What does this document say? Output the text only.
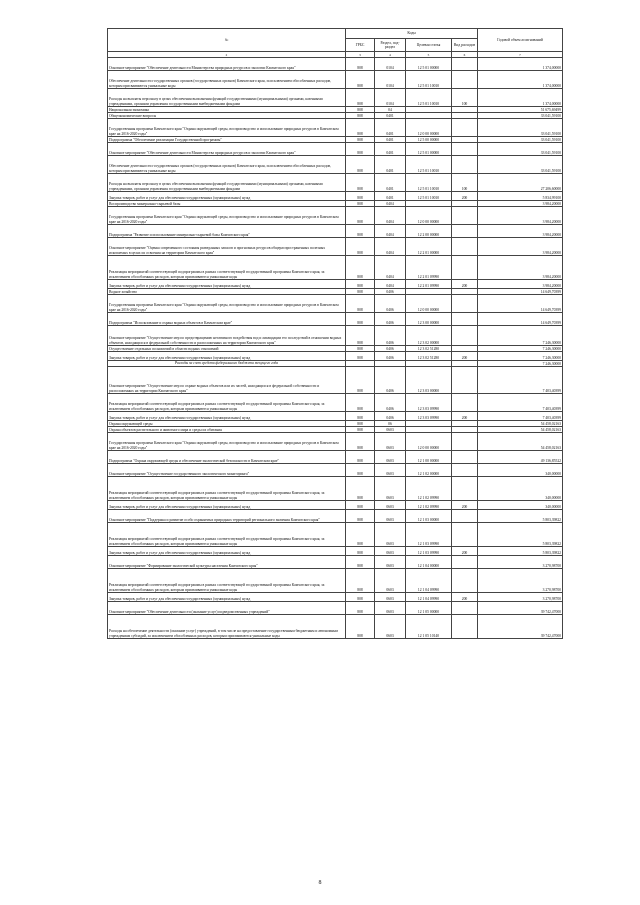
№	Коды				Годовой объем ассигнований
	ГРБС	Раздел, под-раздел	Целевая статья	Вид расходов	
2	3	4	5	6	7
Основное мероприятие "Обеспечение деятельности Министерства природных ресурсов и экологии Камчатского края"	808	0104	12 5 01 00000		1 374,00000
Обеспечение деятельности государственных органов (государственных органов) Камчатского края, за исключением обособленных расходов, которым присваиваются уникальные коды	808	0104	12 5 01 10010		1 374,00000
Расходы на выплаты персоналу в целях обеспечения выполнения функций государственными (муниципальными) органами, казенными учреждениями, органами управления государственными внебюджетными фондами	808	0104	12 5 01 10010	100	1 374,00000
Национальная экономика	808	04			51 675,69499
Общеэкономические вопросы	808	0401			33 041,59100
Государственная программа Камчатского края "Охрана окружающей среды, воспроизводство и использование природных ресурсов в Камчатском крае на 2016-2020 годы"	808	0401	12 0 00 00000		33 041,59100
Подпрограмма "Обеспечение реализации Государственной программы"	808	0401	12 5 00 00000		33 041,59100
Основное мероприятие "Обеспечение деятельности Министерства природных ресурсов и экологии Камчатского края"	808	0401	12 5 01 00000		33 041,59100
Обеспечение деятельности государственных органов (государственных органов) Камчатского края, за исключением обособленных расходов, которым присваиваются уникальные коды	808	0401	12 5 01 10010		33 041,59100
Расходы на выплаты персоналу в целях обеспечения выполнения функций государственными (муниципальными) органами, казенными учреждениями, органами управления государственными внебюджетными фондами	808	0401	12 5 01 10010	100	27 206,60000
Закупка товаров, работ и услуг для обеспечения государственных (муниципальных) нужд	808	0401	12 5 01 10010	200	5 834,99100
Воспроизводство минерально-сырьевой базы	808	0404			3 984,20000
Государственная программа Камчатского края "Охрана окружающей среды, воспроизводство и использование природных ресурсов в Камчатском крае на 2016-2020 годы"	808	0404	12 0 00 00000		3 984,20000
Подпрограмма "Развитие и использование минерально-сырьевой базы Камчатского края"	808	0404	12 2 00 00000		3 984,20000
Основное мероприятие "Оценка современного состояния разведанных запасов и прогнозных ресурсов общераспространенных полезных ископаемых в целях их освоения на территории Камчатского края"	808	0404	12 2 01 00000		3 984,20000
Реализация мероприятий соответствующей подпрограммы в рамках соответствующей государственной программы Камчатского края, за исключением обособленных расходов, которым присваиваются уникальные коды	808	0404	12 2 01 09990		3 984,20000
Закупка товаров, работ и услуг для обеспечения государственных (муниципальных) нужд	808	0404	12 2 01 09990	200	3 984,20000
Водное хозяйство	808	0406			14 649,70399
Государственная программа Камчатского края "Охрана окружающей среды, воспроизводство и использование природных ресурсов в Камчатском крае на 2016-2020 годы"	808	0406	12 0 00 00000		14 649,70399
Подпрограмма "Использование и охрана водных объектов в Камчатском крае"	808	0406	12 3 00 00000		14 649,70399
Основное мероприятие "Осуществление мер по предотвращению негативного воздействия вод и ликвидации его последствий в отношении водных объектов, находящихся в федеральной собственности и расположенных на территории Камчатского края"	808	0406	12 3 02 00000		7 246,30000
Осуществление отдельных полномочий в области водных отношений	808	0406	12 3 02 51280		7 246,30000
Закупка товаров, работ и услуг для обеспечения государственных (муниципальных) нужд	808	0406	12 3 02 51280	200	7 246,30000
Расходы за счет средств федерального бюджета текущего года					7 246,30000
Основное мероприятие "Осуществление мер по охране водных объектов или их частей, находящихся в федеральной собственности и расположенных на территории Камчатского края"	808	0406	12 3 03 00000		7 403,40399
Реализация мероприятий соответствующей подпрограммы в рамках соответствующей государственной программы Камчатского края, за исключением обособленных расходов, которым присваиваются уникальные коды	808	0406	12 3 03 09990		7 403,40399
Закупка товаров, работ и услуг для обеспечения государственных (муниципальных) нужд	808	0406	12 3 03 09990	200	7 403,40399
Охрана окружающей среды	808	06			54 458,02163
Охрана объектов растительного и животного мира и среды их обитания	808	0603			54 458,02163
Государственная программа Камчатского края "Охрана окружающей среды, воспроизводство и использование природных ресурсов в Камчатском крае на 2016-2020 годы"	808	0603	12 0 00 00000		54 458,02163
Подпрограмма "Охрана окружающей среды и обеспечение экологической безопасности в Камчатском крае"	808	0603	12 1 00 00000		49 136,85522
Основное мероприятие "Осуществление государственного экологического мониторинга"	808	0603	12 1 02 00000		340,00000
Реализация мероприятий соответствующей подпрограммы в рамках соответствующей государственной программы Камчатского края, за исключением обособленных расходов, которым присваиваются уникальные коды	808	0603	12 1 02 09990		340,00000
Закупка товаров, работ и услуг для обеспечения государственных (муниципальных) нужд	808	0603	12 1 02 09990	200	340,00000
Основное мероприятие "Поддержка и развитие особо охраняемых природных территорий регионального значения Камчатского края"	808	0603	12 1 03 00000		5 803,39822
Реализация мероприятий соответствующей подпрограммы в рамках соответствующей государственной программы Камчатского края, за исключением обособленных расходов, которым присваиваются уникальные коды	808	0603	12 1 03 09990		5 803,39822
Закупка товаров, работ и услуг для обеспечения государственных (муниципальных) нужд	808	0603	12 1 03 09990	200	5 803,39822
Основное мероприятие "Формирование экологической культуры населения Камчатского края"	808	0603	12 1 04 00000		3 270,98700
Реализация мероприятий соответствующей подпрограммы в рамках соответствующей государственной программы Камчатского края, за исключением обособленных расходов, которым присваиваются уникальные коды	808	0603	12 1 04 09990		3 270,98700
Закупка товаров, работ и услуг для обеспечения государственных (муниципальных) нужд	808	0603	12 1 04 09990	200	3 270,98700
Основное мероприятие "Обеспечение деятельности (оказание услуг) подведомственных учреждений"	808	0603	12 1 05 00000		39 742,47000
Расходы на обеспечение деятельности (оказание услуг) учреждений, в том числе на предоставление государственным бюджетным и автономным учреждениям субсидий, за исключением обособленных расходов, которым присваиваются уникальные коды	808	0603	12 1 05 10140		39 742,47000
8
